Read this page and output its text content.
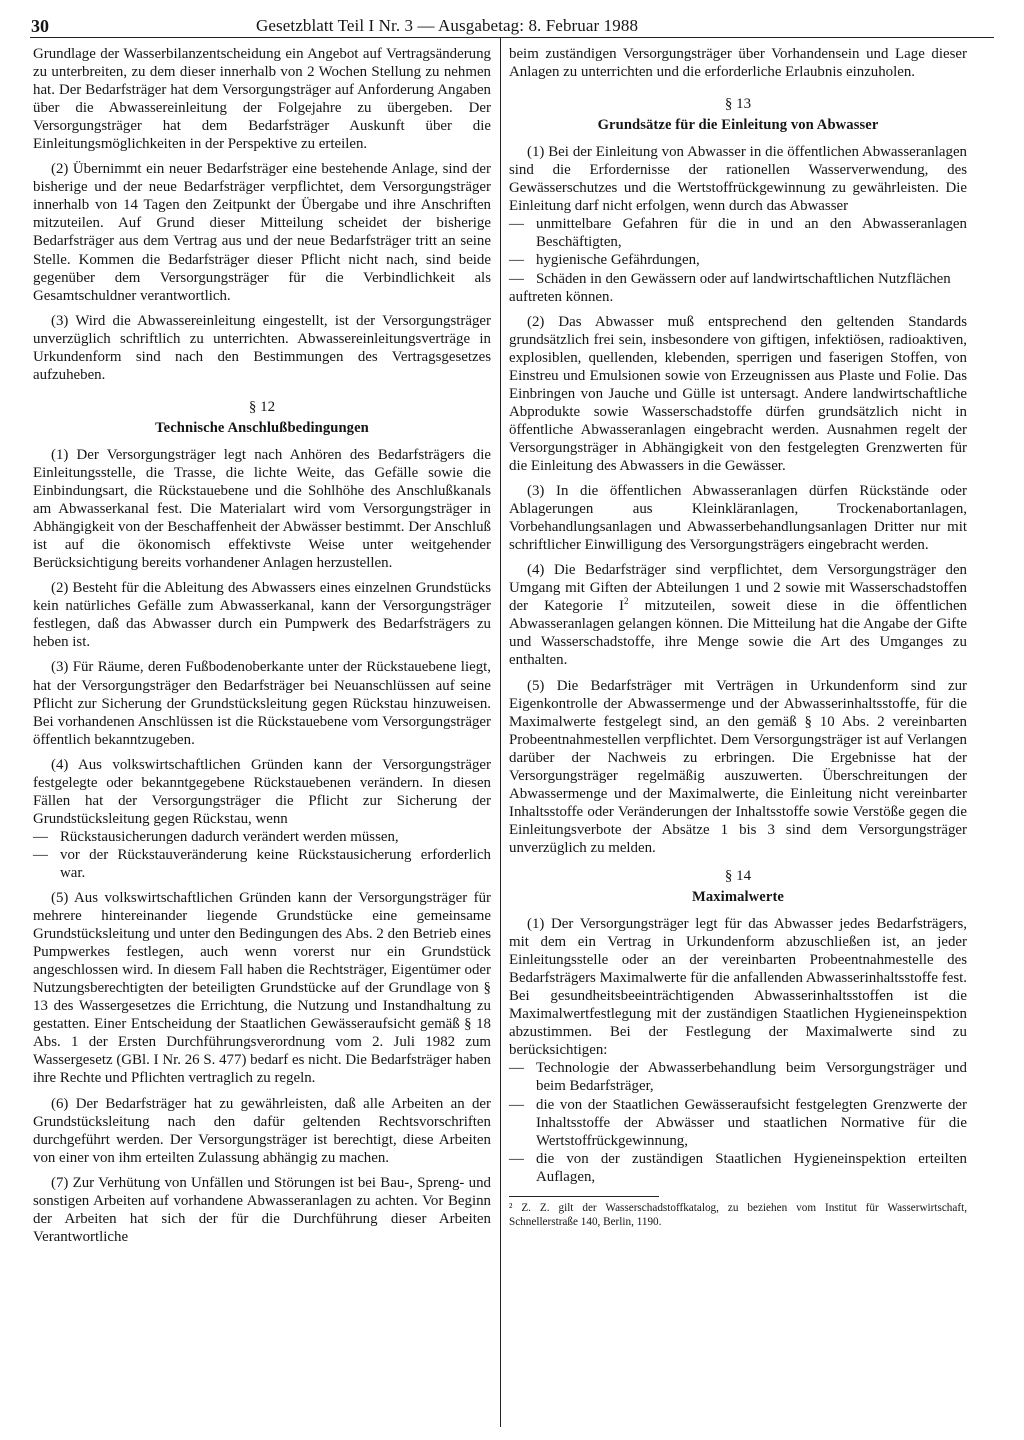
30	Gesetzblatt Teil I Nr. 3 — Ausgabetag: 8. Februar 1988

Grundlage der Wasserbilanzentscheidung ein Angebot auf Vertragsänderung zu unterbreiten, zu dem dieser innerhalb von 2 Wochen Stellung zu nehmen hat. Der Bedarfsträger hat dem Versorgungsträger auf Anforderung Angaben über die Abwassereinleitung der Folgejahre zu übergeben. Der Versorgungsträger hat dem Bedarfsträger Auskunft über die Einleitungsmöglichkeiten in der Perspektive zu erteilen.

(2) Übernimmt ein neuer Bedarfsträger eine bestehende Anlage, sind der bisherige und der neue Bedarfsträger verpflichtet, dem Versorgungsträger innerhalb von 14 Tagen den Zeitpunkt der Übergabe und ihre Anschriften mitzuteilen. Auf Grund dieser Mitteilung scheidet der bisherige Bedarfsträger aus dem Vertrag aus und der neue Bedarfsträger tritt an seine Stelle. Kommen die Bedarfsträger dieser Pflicht nicht nach, sind beide gegenüber dem Versorgungsträger für die Verbindlichkeit als Gesamtschuldner verantwortlich.

(3) Wird die Abwassereinleitung eingestellt, ist der Versorgungsträger unverzüglich schriftlich zu unterrichten. Abwassereinleitungsverträge in Urkundenform sind nach den Bestimmungen des Vertragsgesetzes aufzuheben.

§ 12
Technische Anschlußbedingungen

(1) Der Versorgungsträger legt nach Anhören des Bedarfsträgers die Einleitungsstelle, die Trasse, die lichte Weite, das Gefälle sowie die Einbindungsart, die Rückstauebene und die Sohlhöhe des Anschlußkanals am Abwasserkanal fest. Die Materialart wird vom Versorgungsträger in Abhängigkeit von der Beschaffenheit der Abwässer bestimmt. Der Anschluß ist auf die ökonomisch effektivste Weise unter weitgehender Berücksichtigung bereits vorhandener Anlagen herzustellen.

(2) Besteht für die Ableitung des Abwassers eines einzelnen Grundstücks kein natürliches Gefälle zum Abwasserkanal, kann der Versorgungsträger festlegen, daß das Abwasser durch ein Pumpwerk des Bedarfsträgers zu heben ist.

(3) Für Räume, deren Fußbodenoberkante unter der Rückstauebene liegt, hat der Versorgungsträger den Bedarfsträger bei Neuanschlüssen auf seine Pflicht zur Sicherung der Grundstücksleitung gegen Rückstau hinzuweisen. Bei vorhandenen Anschlüssen ist die Rückstauebene vom Versorgungsträger öffentlich bekanntzugeben.

(4) Aus volkswirtschaftlichen Gründen kann der Versorgungsträger festgelegte oder bekanntgegebene Rückstauebenen verändern. In diesen Fällen hat der Versorgungsträger die Pflicht zur Sicherung der Grundstücksleitung gegen Rückstau, wenn

— Rückstausicherungen dadurch verändert werden müssen,
— vor der Rückstauveränderung keine Rückstausicherung erforderlich war.

(5) Aus volkswirtschaftlichen Gründen kann der Versorgungsträger für mehrere hintereinander liegende Grundstücke eine gemeinsame Grundstücksleitung und unter den Bedingungen des Abs. 2 den Betrieb eines Pumpwerkes festlegen, auch wenn vorerst nur ein Grundstück angeschlossen wird. In diesem Fall haben die Rechtsträger, Eigentümer oder Nutzungsberechtigten der beteiligten Grundstücke auf der Grundlage von § 13 des Wassergesetzes die Errichtung, die Nutzung und Instandhaltung zu gestatten. Einer Entscheidung der Staatlichen Gewässeraufsicht gemäß § 18 Abs. 1 der Ersten Durchführungsverordnung vom 2. Juli 1982 zum Wassergesetz (GBl. I Nr. 26 S. 477) bedarf es nicht. Die Bedarfsträger haben ihre Rechte und Pflichten vertraglich zu regeln.

(6) Der Bedarfsträger hat zu gewährleisten, daß alle Arbeiten an der Grundstücksleitung nach den dafür geltenden Rechtsvorschriften durchgeführt werden. Der Versorgungsträger ist berechtigt, diese Arbeiten von einer von ihm erteilten Zulassung abhängig zu machen.

(7) Zur Verhütung von Unfällen und Störungen ist bei Bau-, Spreng- und sonstigen Arbeiten auf vorhandene Abwasseranlagen zu achten. Vor Beginn der Arbeiten hat sich der für die Durchführung dieser Arbeiten Verantwortliche

beim zuständigen Versorgungsträger über Vorhandensein und Lage dieser Anlagen zu unterrichten und die erforderliche Erlaubnis einzuholen.

§ 13
Grundsätze für die Einleitung von Abwasser

(1) Bei der Einleitung von Abwasser in die öffentlichen Abwasseranlagen sind die Erfordernisse der rationellen Wasserverwendung, des Gewässerschutzes und die Wertstoffrückgewinnung zu gewährleisten. Die Einleitung darf nicht erfolgen, wenn durch das Abwasser

— unmittelbare Gefahren für die in und an den Abwasseranlagen Beschäftigten,
— hygienische Gefährdungen,
— Schäden in den Gewässern oder auf landwirtschaftlichen Nutzflächen

auftreten können.

(2) Das Abwasser muß entsprechend den geltenden Standards grundsätzlich frei sein, insbesondere von giftigen, infektiösen, radioaktiven, explosiblen, quellenden, klebenden, sperrigen und faserigen Stoffen, von Einstreu und Emulsionen sowie von Erzeugnissen aus Plaste und Folie. Das Einbringen von Jauche und Gülle ist untersagt. Andere landwirtschaftliche Abprodukte sowie Wasserschadstoffe dürfen grundsätzlich nicht in öffentliche Abwasseranlagen eingebracht werden. Ausnahmen regelt der Versorgungsträger in Abhängigkeit von den festgelegten Grenzwerten für die Einleitung des Abwassers in die Gewässer.

(3) In die öffentlichen Abwasseranlagen dürfen Rückstände oder Ablagerungen aus Kleinkläranlagen, Trockenabortanlagen, Vorbehandlungsanlagen und Abwasserbehandlungsanlagen Dritter nur mit schriftlicher Einwilligung des Versorgungsträgers eingebracht werden.

(4) Die Bedarfsträger sind verpflichtet, dem Versorgungsträger den Umgang mit Giften der Abteilungen 1 und 2 sowie mit Wasserschadstoffen der Kategorie $I^2$ mitzuteilen, soweit diese in die öffentlichen Abwasseranlagen gelangen können. Die Mitteilung hat die Angabe der Gifte und Wasserschadstoffe, ihre Menge sowie die Art des Umganges zu enthalten.

(5) Die Bedarfsträger mit Verträgen in Urkundenform sind zur Eigenkontrolle der Abwassermenge und der Abwasserinhaltsstoffe, für die Maximalwerte festgelegt sind, an den gemäß § 10 Abs. 2 vereinbarten Probeentnahmestellen verpflichtet. Dem Versorgungsträger ist auf Verlangen darüber der Nachweis zu erbringen. Die Ergebnisse hat der Versorgungsträger regelmäßig auszuwerten. Überschreitungen der Abwassermenge und der Maximalwerte, die Einleitung nicht vereinbarter Inhaltsstoffe oder Veränderungen der Inhaltsstoffe sowie Verstöße gegen die Einleitungsverbote der Absätze 1 bis 3 sind dem Versorgungsträger unverzüglich zu melden.

§ 14
Maximalwerte

(1) Der Versorgungsträger legt für das Abwasser jedes Bedarfsträgers, mit dem ein Vertrag in Urkundenform abzuschließen ist, an jeder Einleitungsstelle oder an der vereinbarten Probeentnahmestelle des Bedarfsträgers Maximalwerte für die anfallenden Abwasserinhaltsstoffe fest. Bei gesundheitsbeeinträchtigenden Abwasserinhaltsstoffen ist die Maximalwertfestlegung mit der zuständigen Staatlichen Hygieneinspektion abzustimmen. Bei der Festlegung der Maximalwerte sind zu berücksichtigen:

— Technologie der Abwasserbehandlung beim Versorgungsträger und beim Bedarfsträger,
— die von der Staatlichen Gewässeraufsicht festgelegten Grenzwerte der Inhaltsstoffe der Abwässer und staatlichen Normative für die Wertstoffrückgewinnung,
— die von der zuständigen Staatlichen Hygieneinspektion erteilten Auflagen,
² Z. Z. gilt der Wasserschadstoffkatalog, zu beziehen vom Institut für Wasserwirtschaft, Schnellerstraße 140, Berlin, 1190.
